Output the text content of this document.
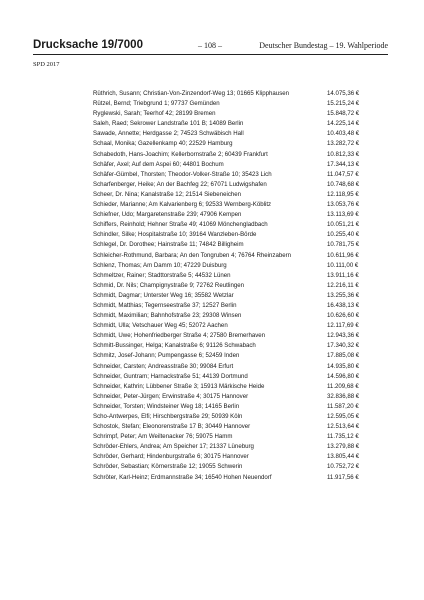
Drucksache 19/7000	– 108 –	Deutscher Bundestag – 19. Wahlperiode
SPD 2017
Rüthrich, Susann; Christian-Von-Zinzendorf-Weg 13; 01665 Klipphausen	14.075,36 €
Rützel, Bernd; Triebgrund 1; 97737 Gemünden	15.215,24 €
Ryglewski, Sarah; Teerhof 42; 28199 Bremen	15.848,72 €
Saleh, Raed; Sekrower Landstraße 101 B; 14089 Berlin	14.225,14 €
Sawade, Annette; Herdgasse 2; 74523 Schwäbisch Hall	10.403,48 €
Schaal, Monika; Gazellenkamp 40; 22529 Hamburg	13.282,72 €
Schabedoth, Hans-Joachim; Kellerbornstraße 2; 60439 Frankfurt	10.812,33 €
Schäfer, Axel; Auf dem Aspei 60; 44801 Bochum	17.344,13 €
Schäfer-Gümbel, Thorsten; Theodor-Volker-Straße 10; 35423 Lich	11.047,57 €
Scharfenberger, Heike; An der Bachfeg 22; 67071 Ludwigshafen	10.748,68 €
Scheer, Dr. Nina; Kanalstraße 12; 21514 Siebeneichen	12.118,95 €
Schieder, Marianne; Am Kalvarienberg 6; 92533 Wernberg-Köblitz	13.053,76 €
Schiefner, Udo; Margaretenstraße 239; 47906 Kempen	13.113,69 €
Schiffers, Reinhold; Hehner Straße 49; 41069 Mönchengladbach	10.051,21 €
Schindler, Silke; Hospitalstraße 10; 39164 Wanzleben-Börde	10.255,40 €
Schlegel, Dr. Dorothee; Hainstraße 11; 74842 Billigheim	10.781,75 €
Schleicher-Rothmund, Barbara; An den Tongruben 4; 76764 Rheinzabern	10.611,96 €
Schlenz, Thomas; Am Damm 10; 47229 Duisburg	10.111,00 €
Schmeltzer, Rainer; Stadttorstraße 5; 44532 Lünen	13.911,16 €
Schmid, Dr. Nils; Champignystraße 9; 72762 Reutlingen	12.216,11 €
Schmidt, Dagmar; Unterster Weg 16; 35582 Wetzlar	13.255,36 €
Schmidt, Matthias; Tegernseestraße 37; 12527 Berlin	16.438,13 €
Schmidt, Maximilian; Bahnhofstraße 23; 29308 Winsen	10.626,60 €
Schmidt, Ulla; Vetschauer Weg 45; 52072 Aachen	12.117,69 €
Schmidt, Uwe; Hohenfriedberger Straße 4; 27580 Bremerhaven	12.943,36 €
Schmitt-Bussinger, Helga; Kanalstraße 6; 91126 Schwabach	17.340,32 €
Schmitz, Josef-Johann; Pumpengasse 6; 52459 Inden	17.885,08 €
Schneider, Carsten; Andreasstraße 30; 99084 Erfurt	14.935,80 €
Schneider, Guntram; Harnackstraße 51; 44139 Dortmund	14.596,80 €
Schneider, Kathrin; Lübbener Straße 3; 15913 Märkische Heide	11.209,68 €
Schneider, Peter-Jürgen; Erwinstraße 4; 30175 Hannover	32.836,88 €
Schneider, Torsten; Windsteiner Weg 18; 14165 Berlin	11.587,20 €
Scho-Antwerpes, Elfi; Hirschbergstraße 29; 50939 Köln	12.595,05 €
Schostok, Stefan; Eleonorenstraße 17 B; 30449 Hannover	12.513,64 €
Schrimpf, Peter; Am Weiltenacker 76; 59075 Hamm	11.735,12 €
Schröder-Ehlers, Andrea; Am Speicher 17; 21337 Lüneburg	13.279,88 €
Schröder, Gerhard; Hindenburgstraße 6; 30175 Hannover	13.805,44 €
Schröder, Sebastian; Körnerstraße 12; 19055 Schwerin	10.752,72 €
Schröter, Karl-Heinz; Erdmannstraße 34; 16540 Hohen Neuendorf	11.917,56 €
